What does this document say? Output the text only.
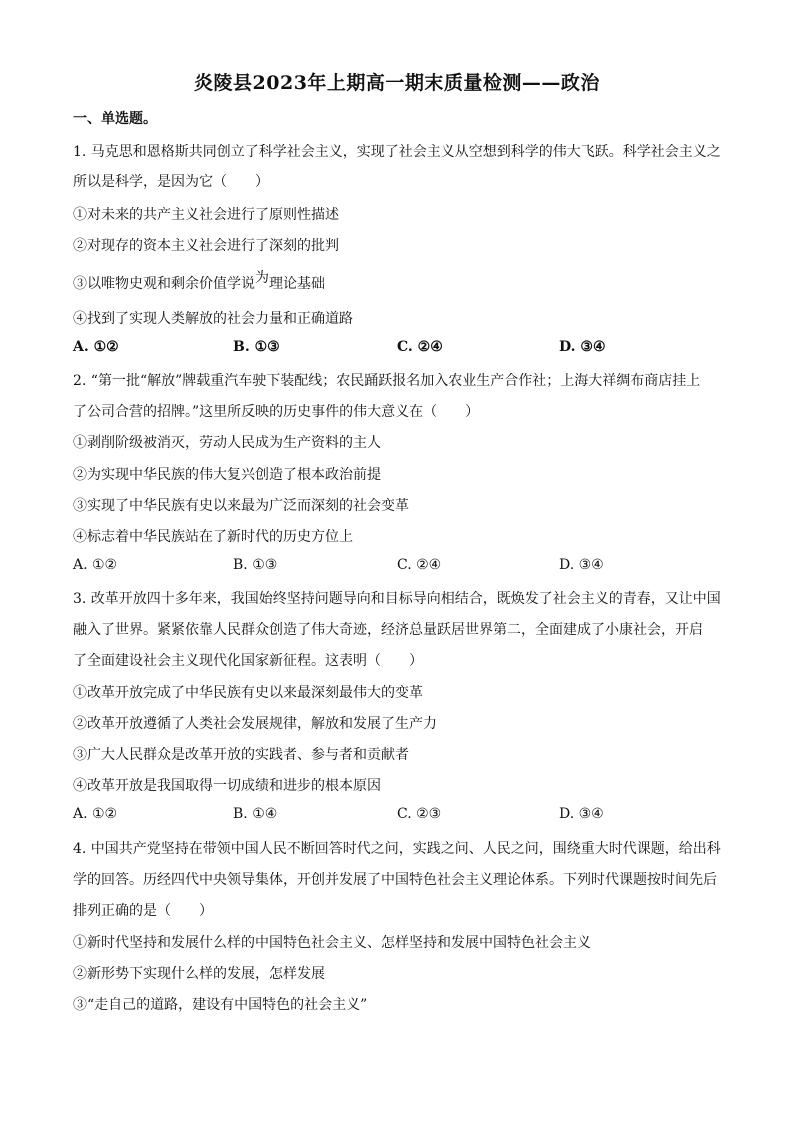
炎陵县2023年上期高一期末质量检测——政治
一、单选题。
1. 马克思和恩格斯共同创立了科学社会主义，实现了社会主义从空想到科学的伟大飞跃。科学社会主义之
所以是科学，是因为它（　　）
①对未来的共产主义社会进行了原则性描述
②对现存的资本主义社会进行了深刻的批判
③以唯物史观和剩余价值学说为理论基础
④找到了实现人类解放的社会力量和正确道路
A. ①②	B. ①③	C. ②④	D. ③④
2. “第一批“解放”牌载重汽车驶下装配线；农民踊跃报名加入农业生产合作社；上海大祥绸布商店挂上
了公司合营的招牌。”这里所反映的历史事件的伟大意义在（　　）
①剥削阶级被消灭，劳动人民成为生产资料的主人
②为实现中华民族的伟大复兴创造了根本政治前提
③实现了中华民族有史以来最为广泛而深刻的社会变革
④标志着中华民族站在了新时代的历史方位上
A. ①②	B. ①③	C. ②④	D. ③④
3. 改革开放四十多年来，我国始终坚持问题导向和目标导向相结合，既焕发了社会主义的青春，又让中国
融入了世界。紧紧依靠人民群众创造了伟大奇迹，经济总量跃居世界第二，全面建成了小康社会，开启
了全面建设社会主义现代化国家新征程。这表明（　　）
①改革开放完成了中华民族有史以来最深刻最伟大的变革
②改革开放遵循了人类社会发展规律，解放和发展了生产力
③广大人民群众是改革开放的实践者、参与者和贡献者
④改革开放是我国取得一切成绩和进步的根本原因
A. ①②	B. ①④	C. ②③	D. ③④
4. 中国共产党坚持在带领中国人民不断回答时代之问，实践之问、人民之问，围绕重大时代课题，给出科
学的回答。历经四代中央领导集体，开创并发展了中国特色社会主义理论体系。下列时代课题按时间先后
排列正确的是（　　）
①新时代坚持和发展什么样的中国特色社会主义、怎样坚持和发展中国特色社会主义
②新形势下实现什么样的发展，怎样发展
③“走自己的道路，建设有中国特色的社会主义”
